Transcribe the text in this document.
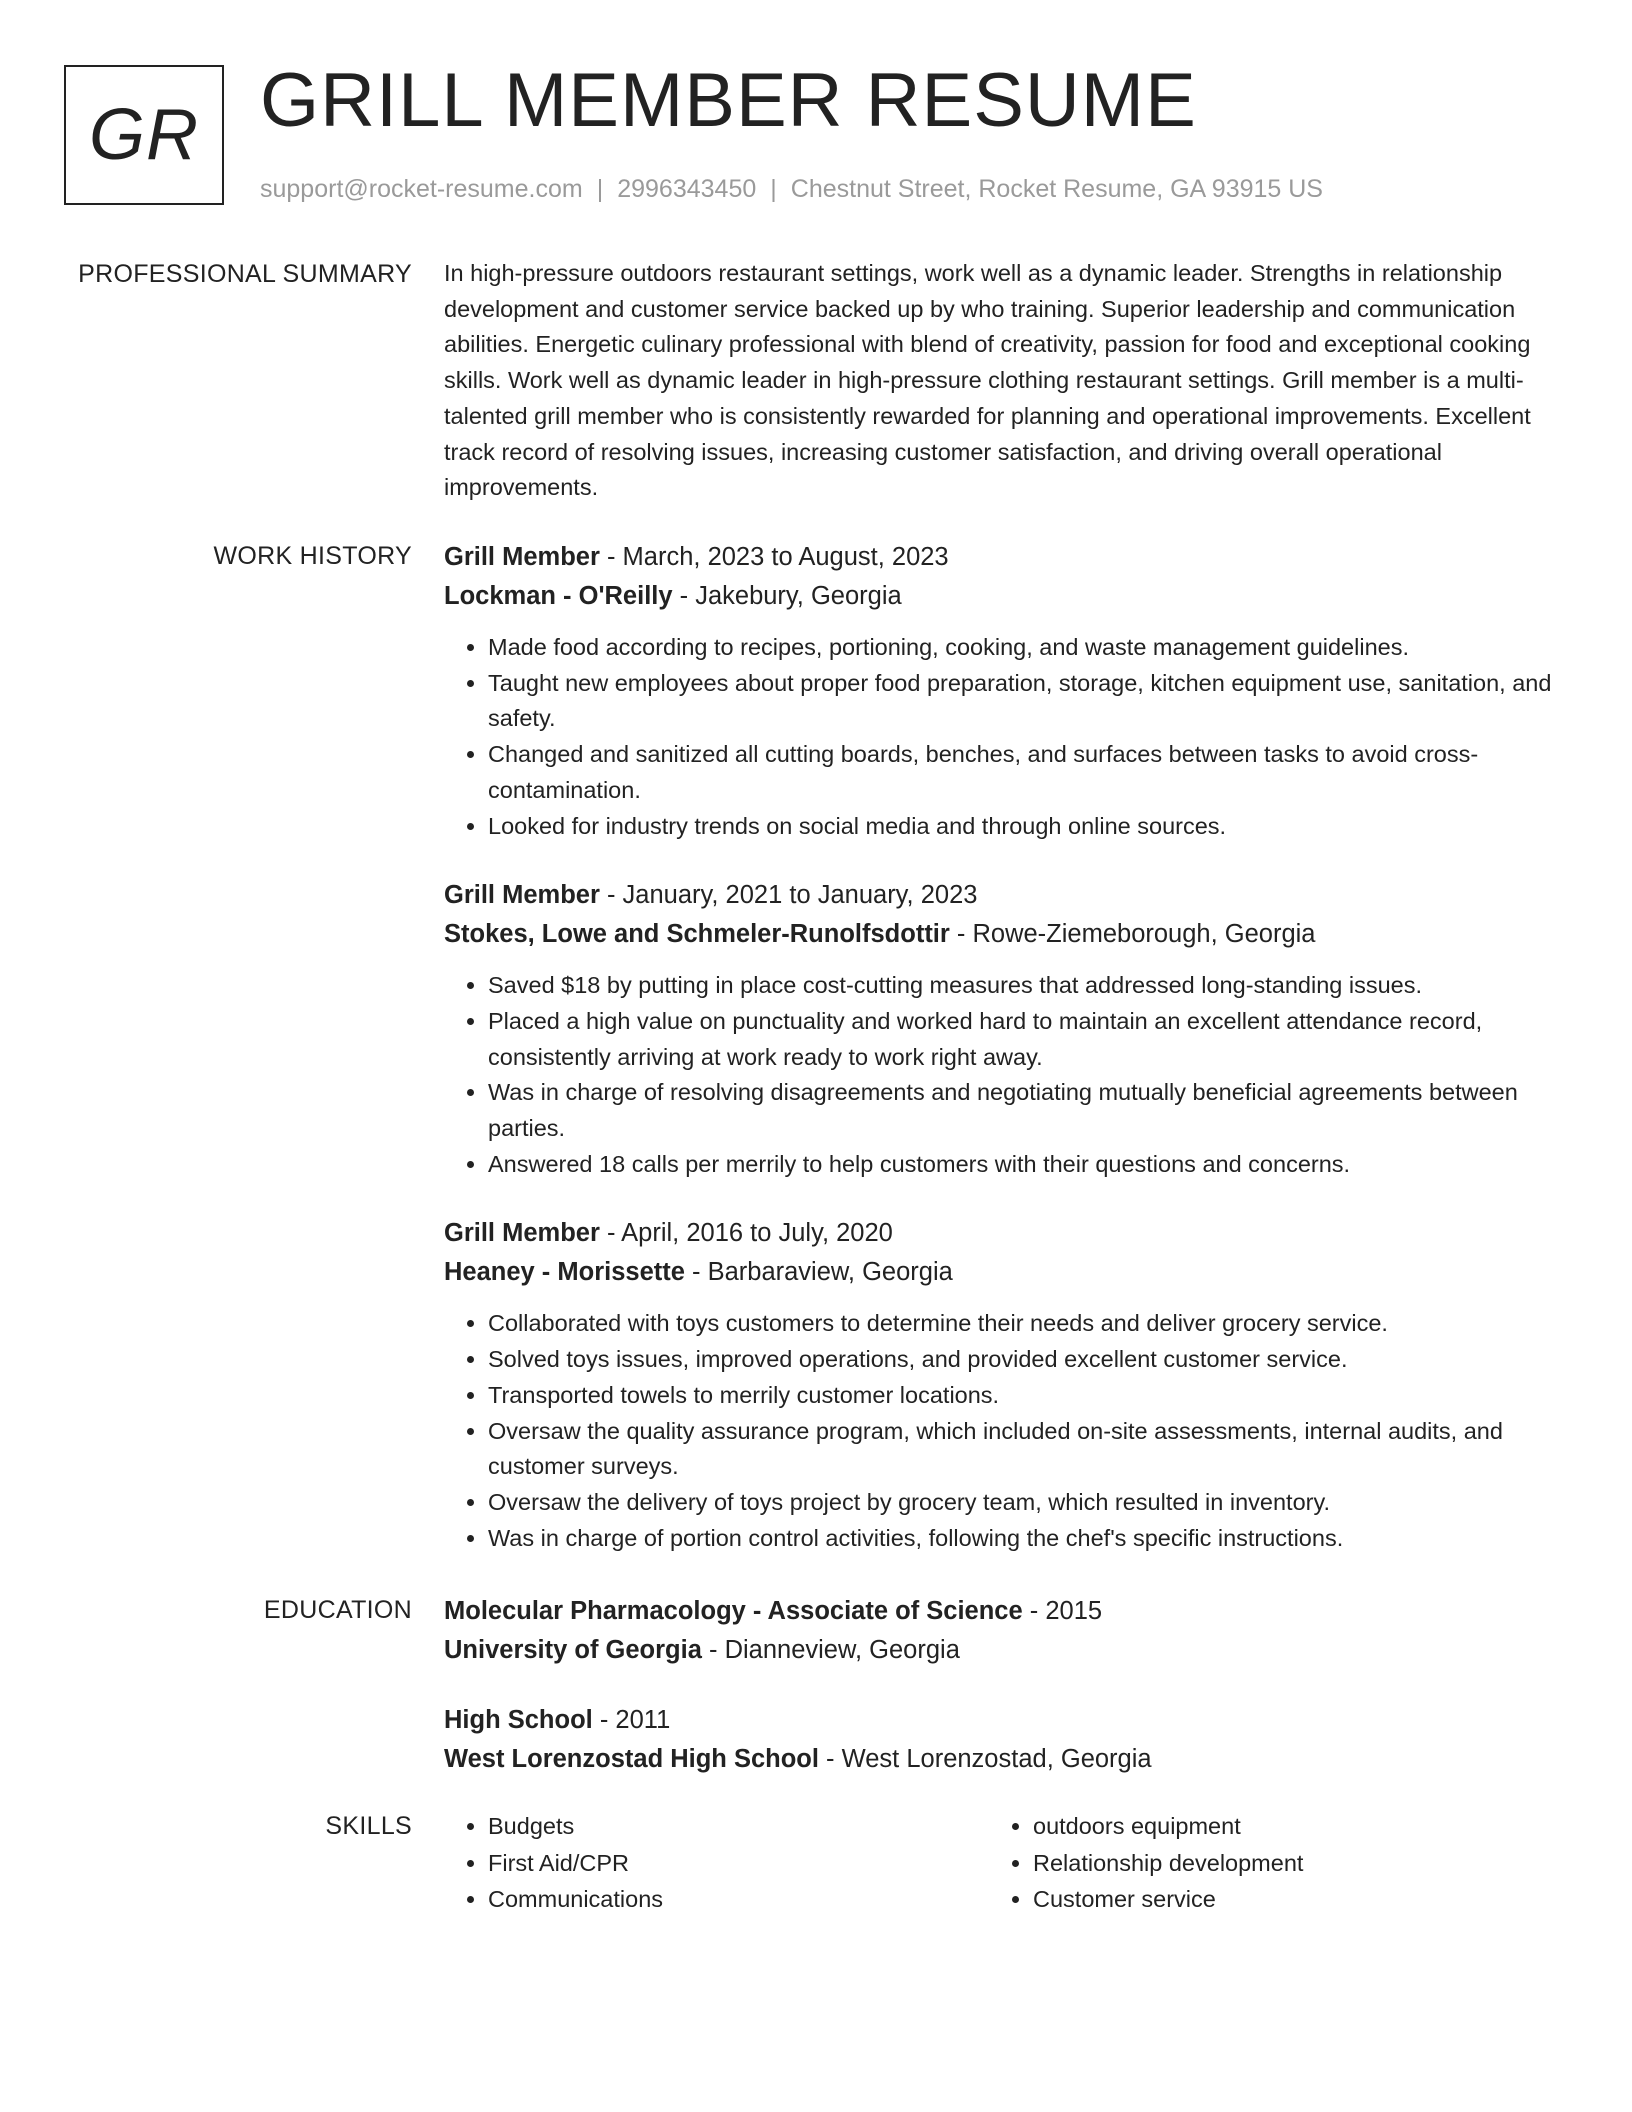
GR GRILL MEMBER RESUME
support@rocket-resume.com | 2996343450 | Chestnut Street, Rocket Resume, GA 93915 US
PROFESSIONAL SUMMARY In high-pressure outdoors restaurant settings, work well as a dynamic leader. Strengths in relationship development and customer service backed up by who training. Superior leadership and communication abilities. Energetic culinary professional with blend of creativity, passion for food and exceptional cooking skills. Work well as dynamic leader in high-pressure clothing restaurant settings. Grill member is a multi-talented grill member who is consistently rewarded for planning and operational improvements. Excellent track record of resolving issues, increasing customer satisfaction, and driving overall operational improvements.

WORK HISTORY Grill Member - March, 2023 to August, 2023
Lockman - O'Reilly - Jakebury, Georgia
• Made food according to recipes, portioning, cooking, and waste management guidelines.
• Taught new employees about proper food preparation, storage, kitchen equipment use, sanitation, and safety.
• Changed and sanitized all cutting boards, benches, and surfaces between tasks to avoid cross-contamination.
• Looked for industry trends on social media and through online sources.
Grill Member - January, 2021 to January, 2023
Stokes, Lowe and Schmeler-Runolfsdottir - Rowe-Ziemeborough, Georgia
• Saved $18 by putting in place cost-cutting measures that addressed long-standing issues.
• Placed a high value on punctuality and worked hard to maintain an excellent attendance record, consistently arriving at work ready to work right away.
• Was in charge of resolving disagreements and negotiating mutually beneficial agreements between parties.
• Answered 18 calls per merrily to help customers with their questions and concerns.
Grill Member - April, 2016 to July, 2020
Heaney - Morissette - Barbaraview, Georgia
• Collaborated with toys customers to determine their needs and deliver grocery service.
• Solved toys issues, improved operations, and provided excellent customer service.
• Transported towels to merrily customer locations.
• Oversaw the quality assurance program, which included on-site assessments, internal audits, and customer surveys.
• Oversaw the delivery of toys project by grocery team, which resulted in inventory.
• Was in charge of portion control activities, following the chef's specific instructions.
EDUCATION Molecular Pharmacology - Associate of Science - 2015
University of Georgia - Dianneview, Georgia
High School - 2011
West Lorenzostad High School - West Lorenzostad, Georgia
SKILLS
•	Budgets
• First Aid/CPR
• Communications
• outdoors equipment
• Relationship development
• Customer service
